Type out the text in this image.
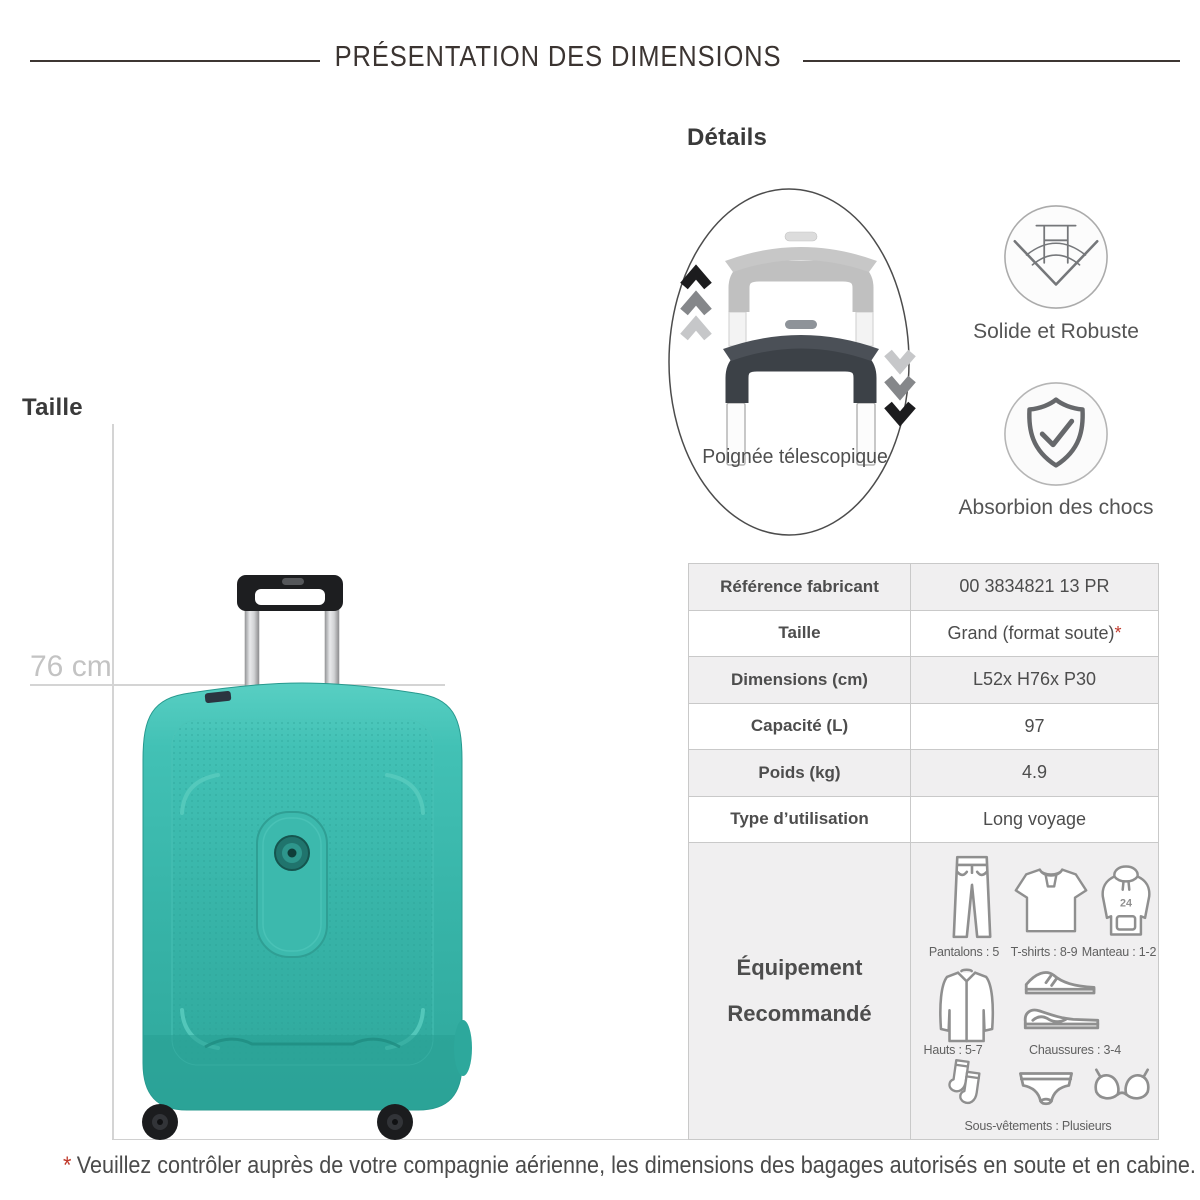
PRÉSENTATION DES DIMENSIONS
Détails
Poignée télescopique
Solide et Robuste
Absorbion des chocs
Taille
76 cm
Référence fabricant	00 3834821 13 PR
Taille	Grand (format soute)*
Dimensions (cm)	L52x H76x P30
Capacité (L)	97
Poids (kg)	4.9
Type d’utilisation	Long voyage

Équipement
Recommandé

24
Pantalons : 5 T-shirts : 8-9 Manteau : 1-2
Hauts : 5-7	Chaussures : 3-4
Sous-vêtements : Plusieurs
* Veuillez contrôler auprès de votre compagnie aérienne, les dimensions des bagages autorisés en soute et en cabine.
